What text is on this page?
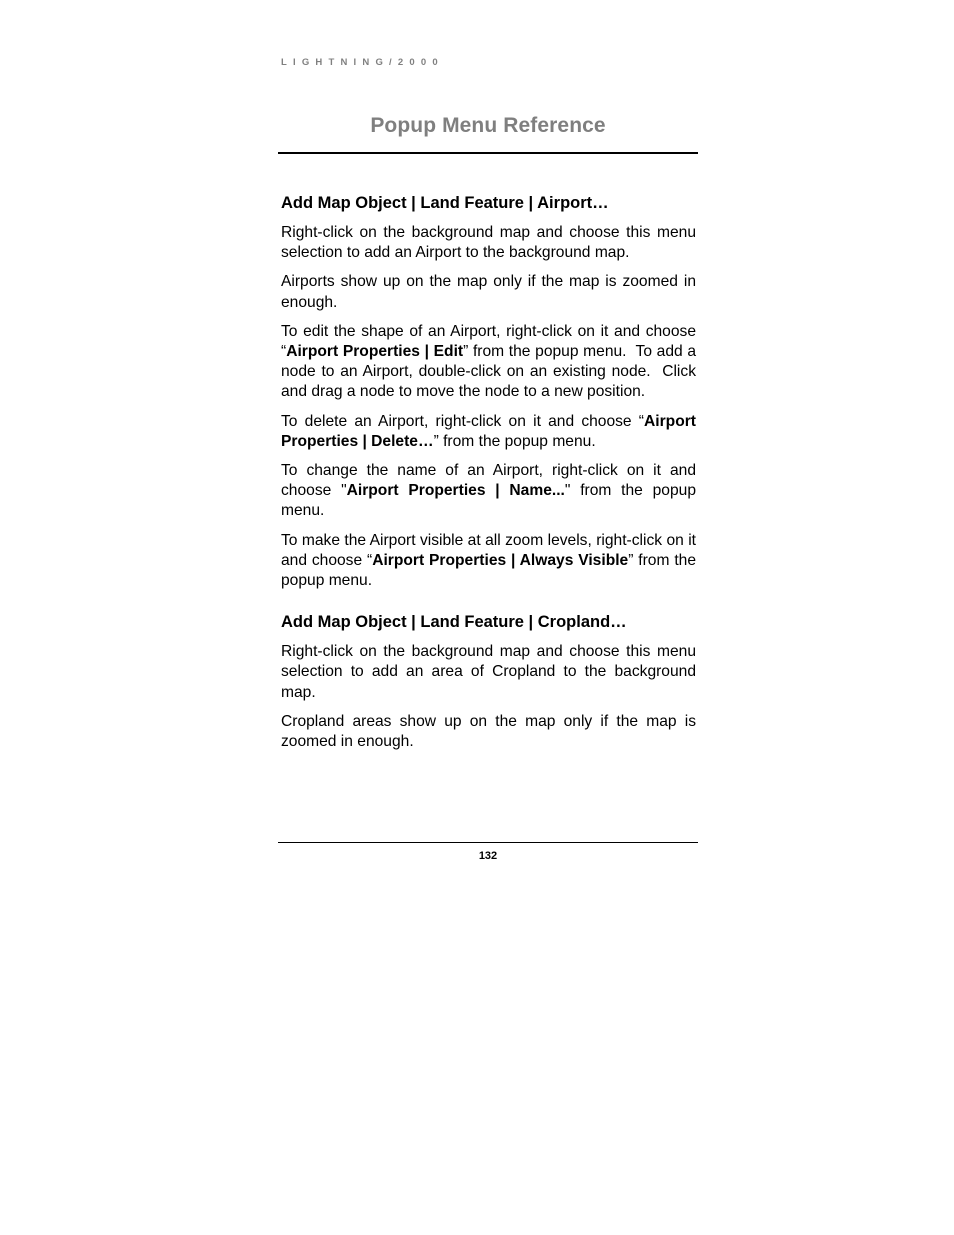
LIGHTNING/2000
Popup Menu Reference
Add Map Object | Land Feature | Airport…

Right-click on the background map and choose this menu selection to add an Airport to the background map.

Airports show up on the map only if the map is zoomed in enough.

To edit the shape of an Airport, right-click on it and choose “Airport Properties | Edit” from the popup menu.  To add a node to an Airport, double-click on an existing node.  Click and drag a node to move the node to a new position.

To delete an Airport, right-click on it and choose “Airport Properties | Delete…” from the popup menu.

To change the name of an Airport, right-click on it and choose "Airport Properties | Name..." from the popup menu.

To make the Airport visible at all zoom levels, right-click on it and choose “Airport Properties | Always Visible” from the popup menu.

Add Map Object | Land Feature | Cropland…

Right-click on the background map and choose this menu selection to add an area of Cropland to the background map.

Cropland areas show up on the map only if the map is zoomed in enough.

132
